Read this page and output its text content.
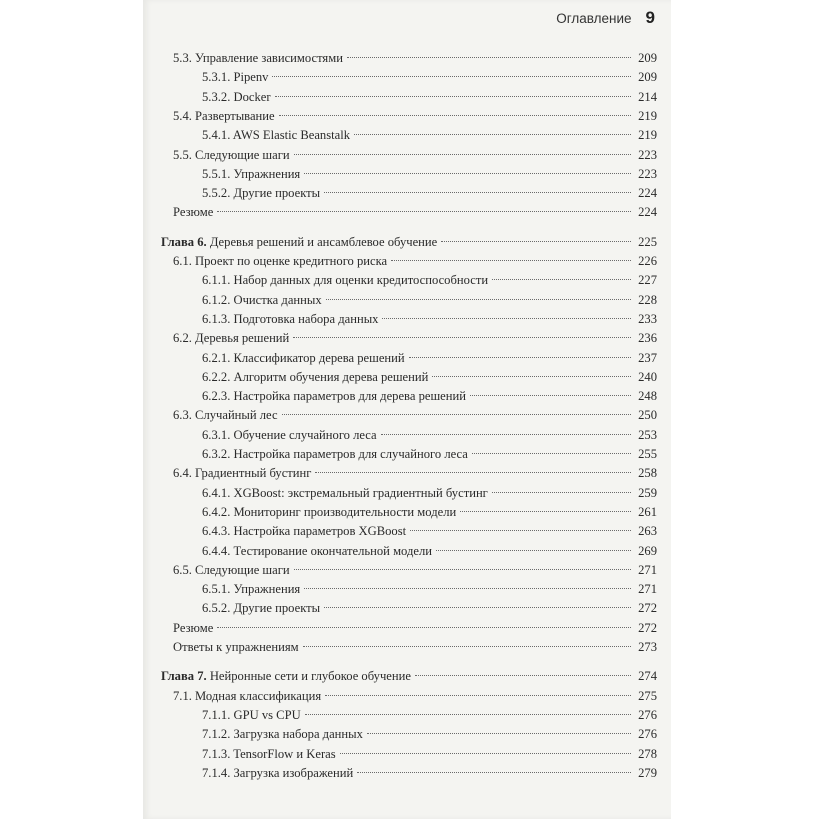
Оглавление 9
5.3. Управление зависимостями	209
5.3.1. Pipenv	209
5.3.2. Docker	214
5.4. Развертывание	219
5.4.1. AWS Elastic Beanstalk	219
5.5. Следующие шаги	223
5.5.1. Упражнения	223
5.5.2. Другие проекты	224
Резюме	224
Глава 6. Деревья решений и ансамблевое обучение	225
6.1. Проект по оценке кредитного риска	226
6.1.1. Набор данных для оценки кредитоспособности	227
6.1.2. Очистка данных	228
6.1.3. Подготовка набора данных	233
6.2. Деревья решений	236
6.2.1. Классификатор дерева решений	237
6.2.2. Алгоритм обучения дерева решений	240
6.2.3. Настройка параметров для дерева решений	248
6.3. Случайный лес	250
6.3.1. Обучение случайного леса	253
6.3.2. Настройка параметров для случайного леса	255
6.4. Градиентный бустинг	258
6.4.1. XGBoost: экстремальный градиентный бустинг	259
6.4.2. Мониторинг производительности модели	261
6.4.3. Настройка параметров XGBoost	263
6.4.4. Тестирование окончательной модели	269
6.5. Следующие шаги	271
6.5.1. Упражнения	271
6.5.2. Другие проекты	272
Резюме	272
Ответы к упражнениям	273
Глава 7. Нейронные сети и глубокое обучение	274
7.1. Модная классификация	275
7.1.1. GPU vs CPU	276
7.1.2. Загрузка набора данных	276
7.1.3. TensorFlow и Keras	278
7.1.4. Загрузка изображений	279
